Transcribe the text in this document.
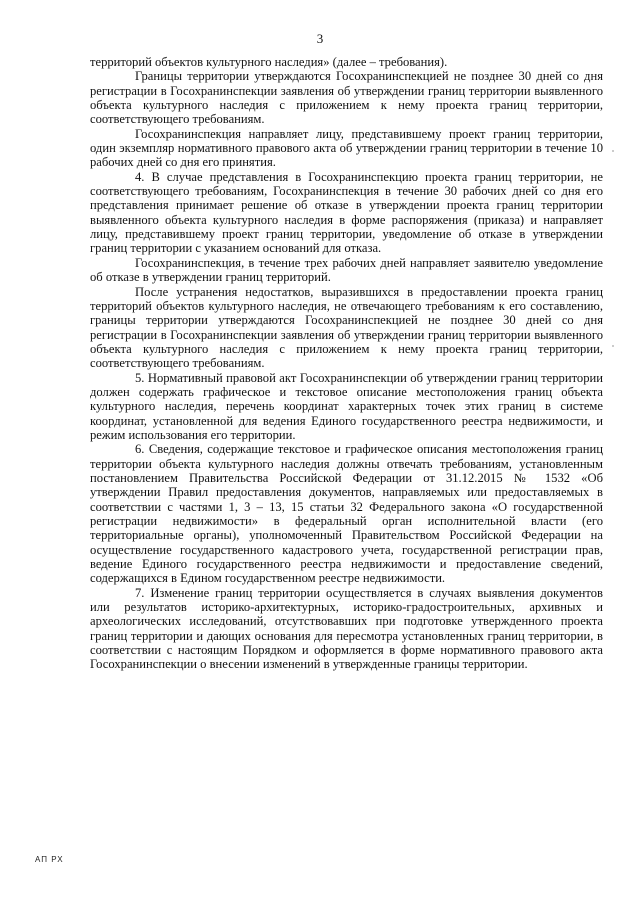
3

территорий объектов культурного наследия» (далее – требования).

Границы территории утверждаются Госохранинспекцией не позднее 30 дней со дня регистрации в Госохранинспекции заявления об утверждении границ территории выявленного объекта культурного наследия с приложением к нему проекта границ территории, соответствующего требованиям.

Госохранинспекция направляет лицу, представившему проект границ территории, один экземпляр нормативного правового акта об утверждении границ территории в течение 10 рабочих дней со дня его принятия.

4. В случае представления в Госохранинспекцию проекта границ территории, не соответствующего требованиям, Госохранинспекция в течение 30 рабочих дней со дня его представления принимает решение об отказе в утверждении проекта границ территории выявленного объекта культурного наследия в форме распоряжения (приказа) и направляет лицу, представившему проект границ территории, уведомление об отказе в утверждении границ территории с указанием оснований для отказа.

Госохранинспекция, в течение трех рабочих дней направляет заявителю уведомление об отказе в утверждении границ территорий.

После устранения недостатков, выразившихся в предоставлении проекта границ территорий объектов культурного наследия, не отвечающего требованиям к его составлению, границы территории утверждаются Госохранинспекцией не позднее 30 дней со дня регистрации в Госохранинспекции заявления об утверждении границ территории выявленного объекта культурного наследия с приложением к нему проекта границ территории, соответствующего требованиям.

5. Нормативный правовой акт Госохранинспекции об утверждении границ территории должен содержать графическое и текстовое описание местоположения границ объекта культурного наследия, перечень координат характерных точек этих границ в системе координат, установленной для ведения Единого государственного реестра недвижимости, и режим использования его территории.

6. Сведения, содержащие текстовое и графическое описания местоположения границ территории объекта культурного наследия должны отвечать требованиям, установленным постановлением Правительства Российской Федерации от 31.12.2015 № 1532 «Об утверждении Правил предоставления документов, направляемых или предоставляемых в соответствии с частями 1, 3 – 13, 15 статьи 32 Федерального закона «О государственной регистрации недвижимости» в федеральный орган исполнительной власти (его территориальные органы), уполномоченный Правительством Российской Федерации на осуществление государственного кадастрового учета, государственной регистрации прав, ведение Единого государственного реестра недвижимости и предоставление сведений, содержащихся в Едином государственном реестре недвижимости.

7. Изменение границ территории осуществляется в случаях выявления документов или результатов историко-архитектурных, историко-градостроительных, архивных и археологических исследований, отсутствовавших при подготовке утвержденного проекта границ территории и дающих основания для пересмотра установленных границ территории, в соответствии с настоящим Порядком и оформляется в форме нормативного правового акта Госохранинспекции о внесении изменений в утвержденные границы территории.

АП РХ
